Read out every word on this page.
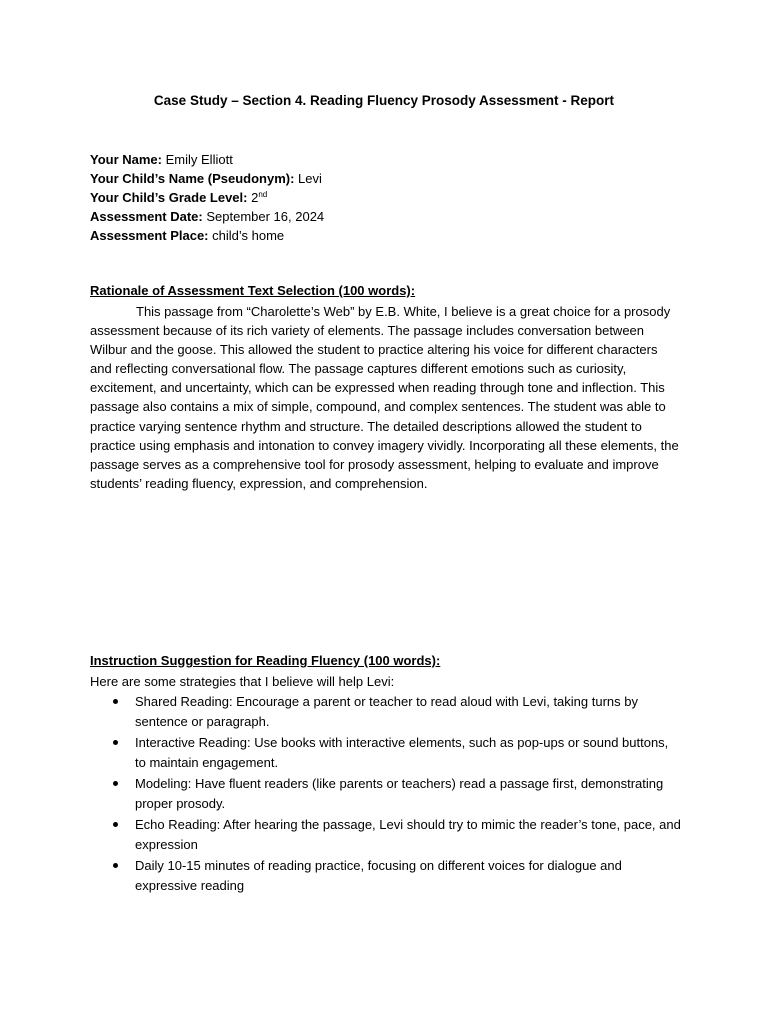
Case Study – Section 4. Reading Fluency Prosody Assessment - Report
Your Name: Emily Elliott
Your Child’s Name (Pseudonym): Levi
Your Child’s Grade Level: 2nd
Assessment Date: September 16, 2024
Assessment Place: child’s home
Rationale of Assessment Text Selection (100 words):
This passage from “Charolette’s Web” by E.B. White, I believe is a great choice for a prosody assessment because of its rich variety of elements. The passage includes conversation between Wilbur and the goose. This allowed the student to practice altering his voice for different characters and reflecting conversational flow. The passage captures different emotions such as curiosity, excitement, and uncertainty, which can be expressed when reading through tone and inflection. This passage also contains a mix of simple, compound, and complex sentences. The student was able to practice varying sentence rhythm and structure. The detailed descriptions allowed the student to practice using emphasis and intonation to convey imagery vividly. Incorporating all these elements, the passage serves as a comprehensive tool for prosody assessment, helping to evaluate and improve students’ reading fluency, expression, and comprehension.
Instruction Suggestion for Reading Fluency (100 words):
Here are some strategies that I believe will help Levi:
Shared Reading: Encourage a parent or teacher to read aloud with Levi, taking turns by sentence or paragraph.
Interactive Reading: Use books with interactive elements, such as pop-ups or sound buttons, to maintain engagement.
Modeling: Have fluent readers (like parents or teachers) read a passage first, demonstrating proper prosody.
Echo Reading: After hearing the passage, Levi should try to mimic the reader’s tone, pace, and expression
Daily 10-15 minutes of reading practice, focusing on different voices for dialogue and expressive reading
